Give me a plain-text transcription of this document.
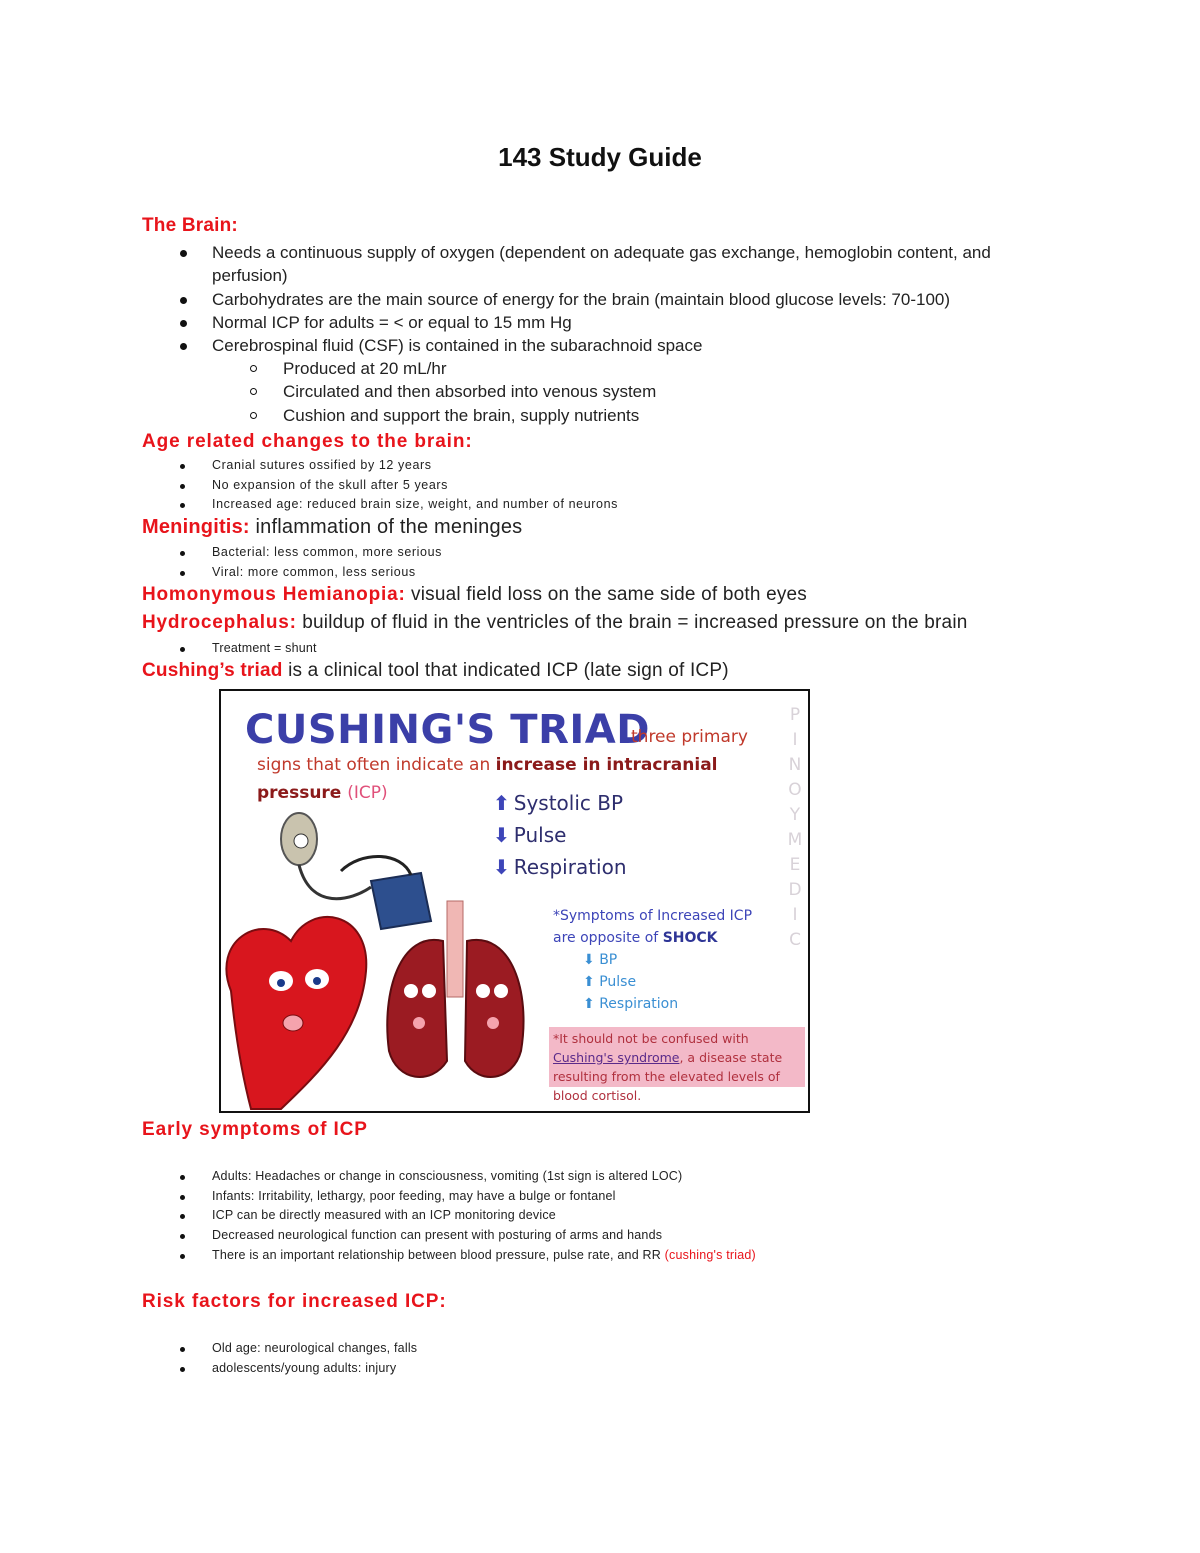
143 Study Guide
The Brain:
Needs a continuous supply of oxygen (dependent on adequate gas exchange, hemoglobin content, and perfusion)
Carbohydrates are the main source of energy for the brain (maintain blood glucose levels: 70-100)
Normal ICP for adults = < or equal to 15 mm Hg
Cerebrospinal fluid (CSF) is contained in the subarachnoid space
Produced at 20 mL/hr
Circulated and then absorbed into venous system
Cushion and support the brain, supply nutrients
Age related changes to the brain:
Cranial sutures ossified by 12 years
No expansion of the skull after 5 years
Increased age: reduced brain size, weight, and number of neurons
Meningitis: inflammation of the meninges
Bacterial: less common, more serious
Viral: more common, less serious
Homonymous Hemianopia: visual field loss on the same side of both eyes
Hydrocephalus: buildup of fluid in the ventricles of the brain = increased pressure on the brain
Treatment = shunt
Cushing’s triad is a clinical tool that indicated ICP (late sign of ICP)
CUSHING'S TRIAD
three primary
signs that often indicate an increase in intracranial
pressure (ICP)	⬆ Systolic BP
⬇ Pulse
⬇ Respiration
*Symptoms of Increased ICP
are opposite of SHOCK
⬇ BP
⬆ Pulse
⬆ Respiration
*It should not be confused with Cushing's syndrome, a disease state resulting from the elevated levels of blood cortisol.
P
I
N
O
Y
M
E
D
I
C
Early symptoms of ICP
Adults: Headaches or change in consciousness, vomiting (1st sign is altered LOC)
Infants: Irritability, lethargy, poor feeding, may have a bulge or fontanel
ICP can be directly measured with an ICP monitoring device
Decreased neurological function can present with posturing of arms and hands
There is an important relationship between blood pressure, pulse rate, and RR (cushing's triad)
Risk factors for increased ICP:
Old age: neurological changes, falls
adolescents/young adults: injury
